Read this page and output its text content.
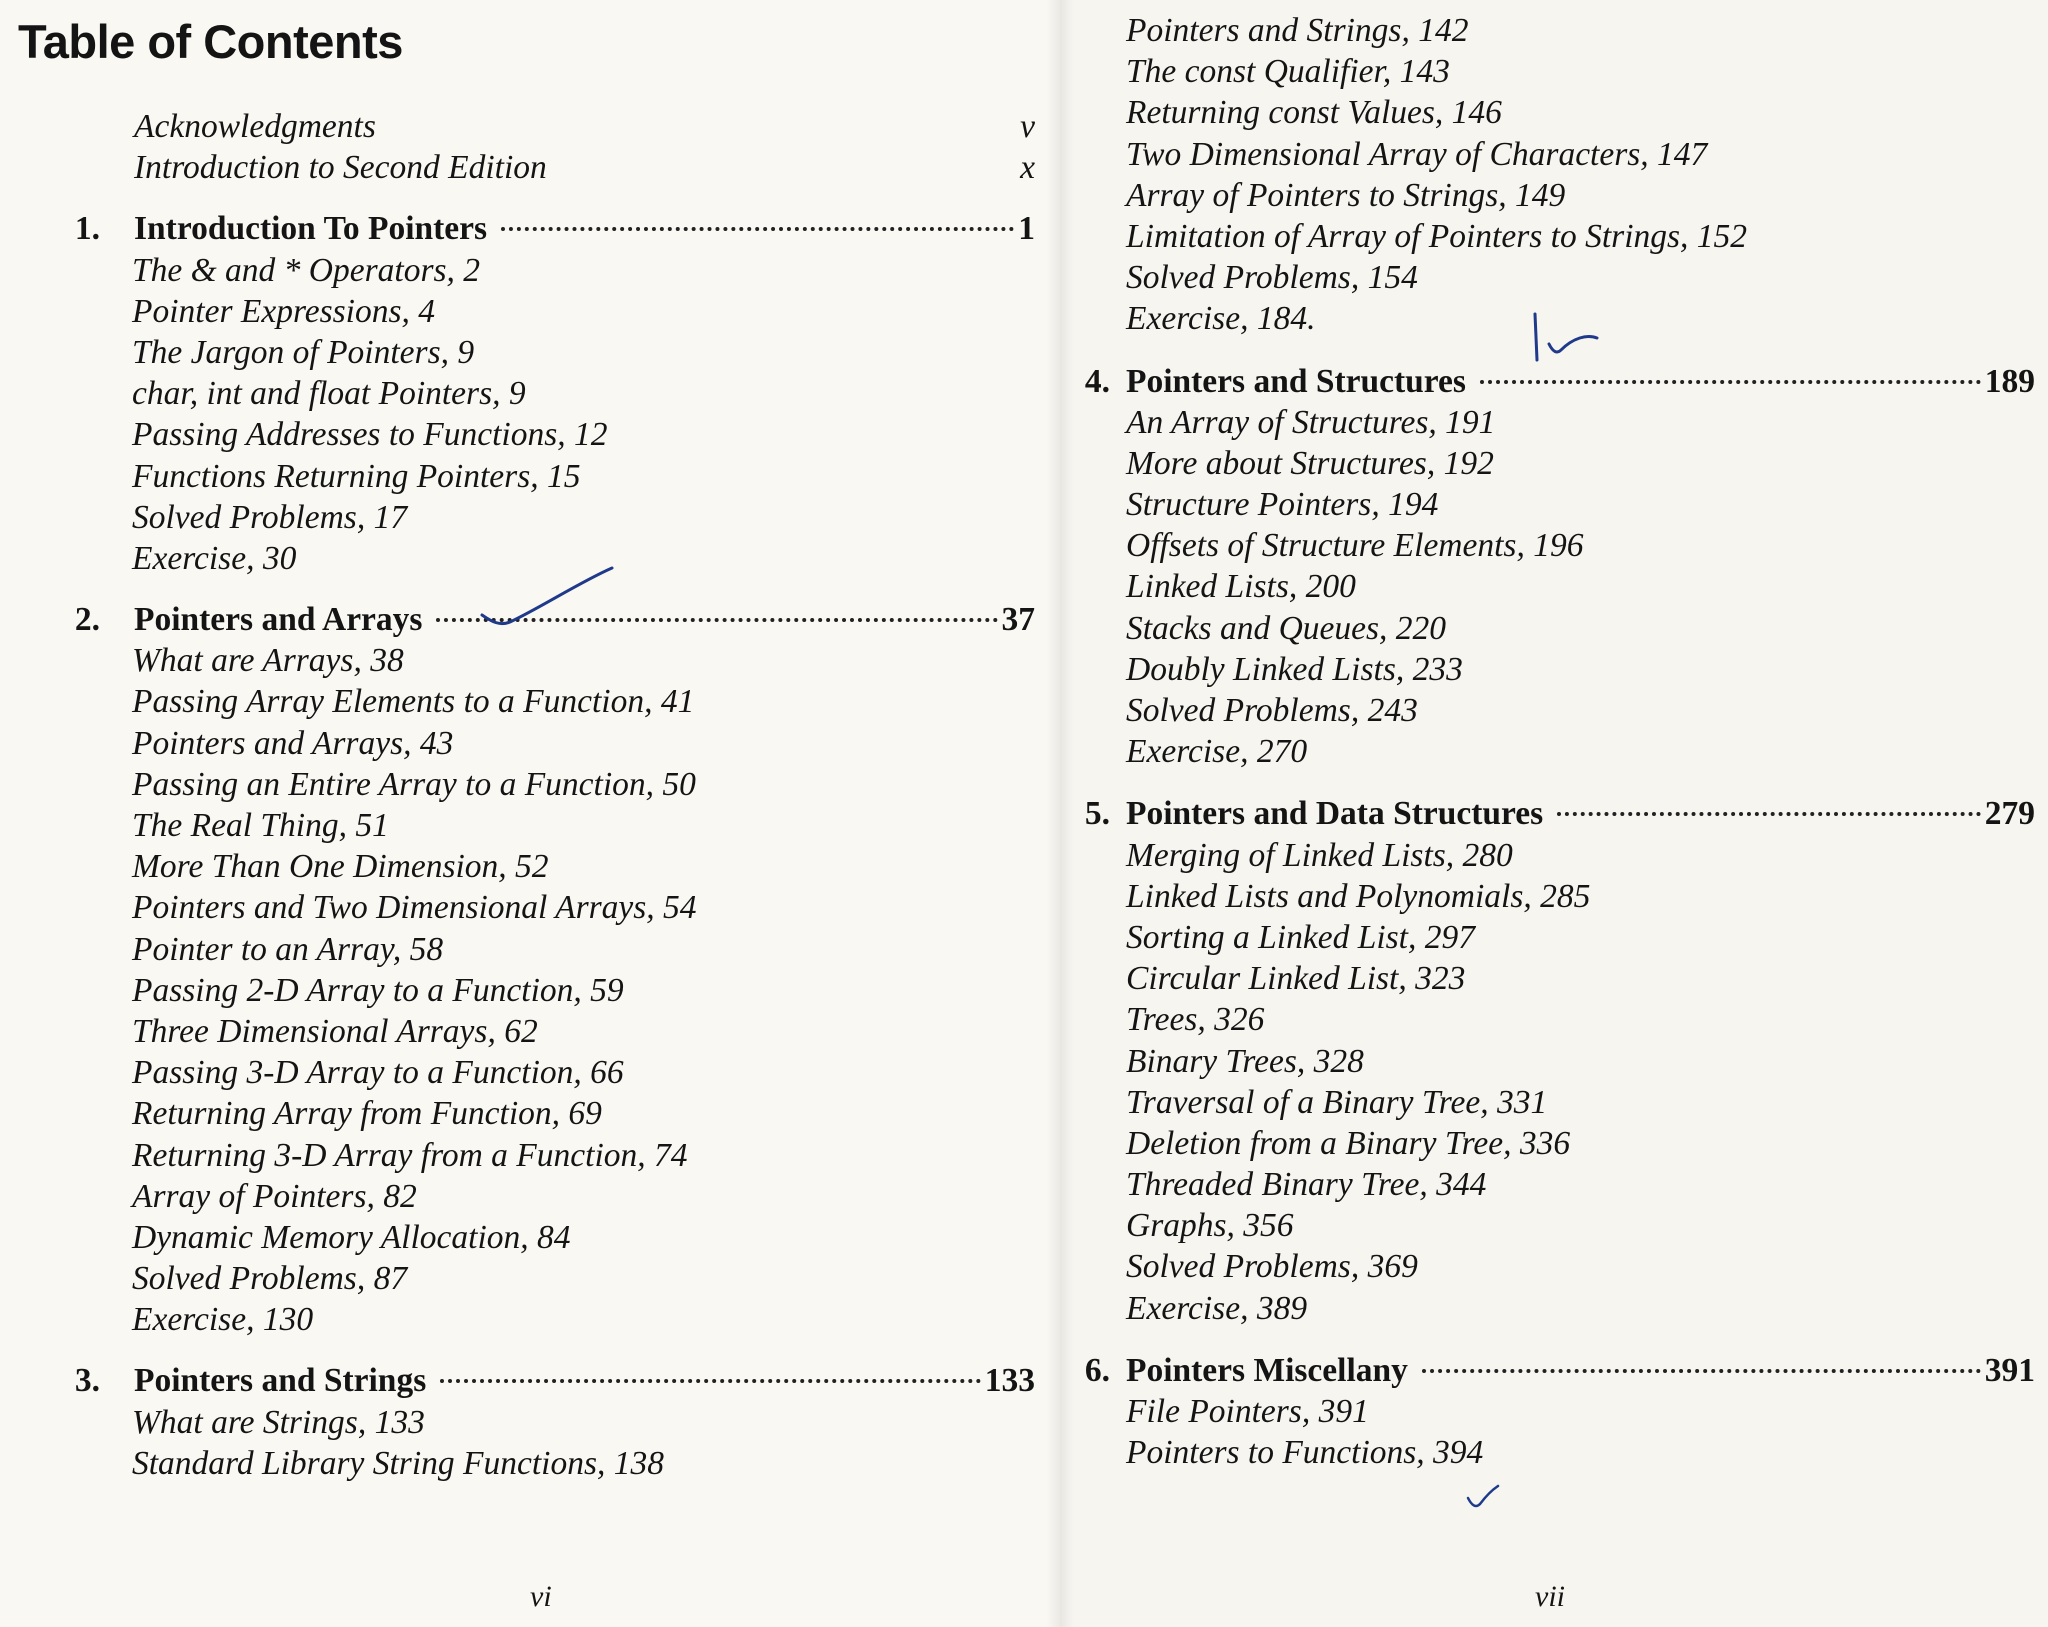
Table of Contents
Acknowledgments	v
Introduction to Second Edition	x
1. Introduction To Pointers	1
The & and * Operators, 2
Pointer Expressions, 4
The Jargon of Pointers, 9
char, int and float Pointers, 9
Passing Addresses to Functions, 12
Functions Returning Pointers, 15
Solved Problems, 17
Exercise, 30
2. Pointers and Arrays	37
What are Arrays, 38
Passing Array Elements to a Function, 41
Pointers and Arrays, 43
Passing an Entire Array to a Function, 50
The Real Thing, 51
More Than One Dimension, 52
Pointers and Two Dimensional Arrays, 54
Pointer to an Array, 58
Passing 2-D Array to a Function, 59
Three Dimensional Arrays, 62
Passing 3-D Array to a Function, 66
Returning Array from Function, 69
Returning 3-D Array from a Function, 74
Array of Pointers, 82
Dynamic Memory Allocation, 84
Solved Problems, 87
Exercise, 130
3. Pointers and Strings	133
What are Strings, 133
Standard Library String Functions, 138
Pointers and Strings, 142
The const Qualifier, 143
Returning const Values, 146
Two Dimensional Array of Characters, 147
Array of Pointers to Strings, 149
Limitation of Array of Pointers to Strings, 152
Solved Problems, 154
Exercise, 184.
4. Pointers and Structures	189
An Array of Structures, 191
More about Structures, 192
Structure Pointers, 194
Offsets of Structure Elements, 196
Linked Lists, 200
Stacks and Queues, 220
Doubly Linked Lists, 233
Solved Problems, 243
Exercise, 270
5. Pointers and Data Structures	279
Merging of Linked Lists, 280
Linked Lists and Polynomials, 285
Sorting a Linked List, 297
Circular Linked List, 323
Trees, 326
Binary Trees, 328
Traversal of a Binary Tree, 331
Deletion from a Binary Tree, 336
Threaded Binary Tree, 344
Graphs, 356
Solved Problems, 369
Exercise, 389
6. Pointers Miscellany	391
File Pointers, 391
Pointers to Functions, 394
vi	vii
